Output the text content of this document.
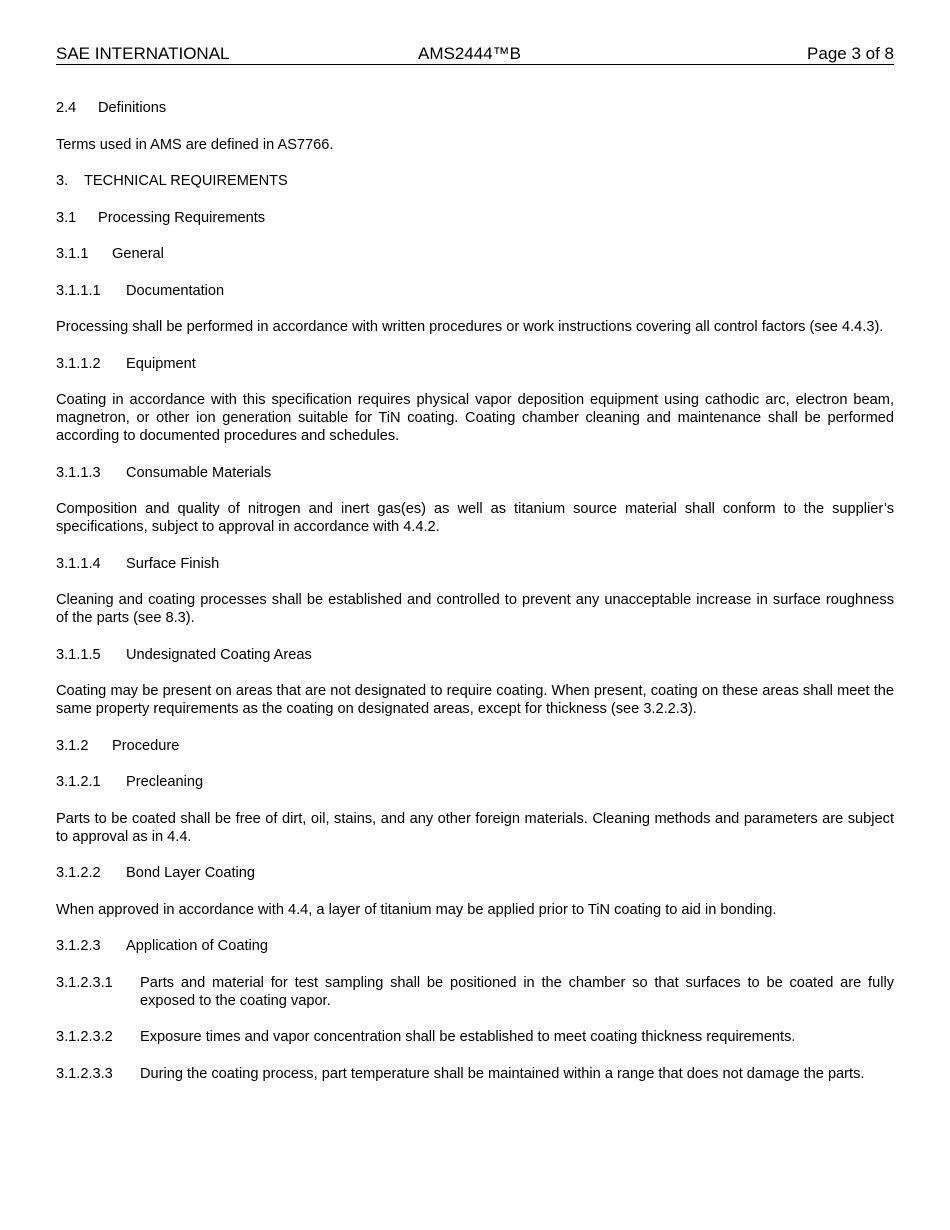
SAE INTERNATIONAL	AMS2444™B	Page 3 of 8
2.4	Definitions
Terms used in AMS are defined in AS7766.
3.	TECHNICAL REQUIREMENTS
3.1	Processing Requirements
3.1.1	General
3.1.1.1	Documentation
Processing shall be performed in accordance with written procedures or work instructions covering all control factors (see 4.4.3).
3.1.1.2	Equipment
Coating in accordance with this specification requires physical vapor deposition equipment using cathodic arc, electron beam, magnetron, or other ion generation suitable for TiN coating. Coating chamber cleaning and maintenance shall be performed according to documented procedures and schedules.
3.1.1.3	Consumable Materials
Composition and quality of nitrogen and inert gas(es) as well as titanium source material shall conform to the supplier’s specifications, subject to approval in accordance with 4.4.2.
3.1.1.4	Surface Finish
Cleaning and coating processes shall be established and controlled to prevent any unacceptable increase in surface roughness of the parts (see 8.3).
3.1.1.5	Undesignated Coating Areas
Coating may be present on areas that are not designated to require coating. When present, coating on these areas shall meet the same property requirements as the coating on designated areas, except for thickness (see 3.2.2.3).
3.1.2	Procedure
3.1.2.1	Precleaning
Parts to be coated shall be free of dirt, oil, stains, and any other foreign materials. Cleaning methods and parameters are subject to approval as in 4.4.
3.1.2.2	Bond Layer Coating
When approved in accordance with 4.4, a layer of titanium may be applied prior to TiN coating to aid in bonding.
3.1.2.3	Application of Coating
3.1.2.3.1	Parts and material for test sampling shall be positioned in the chamber so that surfaces to be coated are fully exposed to the coating vapor.
3.1.2.3.2	Exposure times and vapor concentration shall be established to meet coating thickness requirements.
3.1.2.3.3	During the coating process, part temperature shall be maintained within a range that does not damage the parts.
